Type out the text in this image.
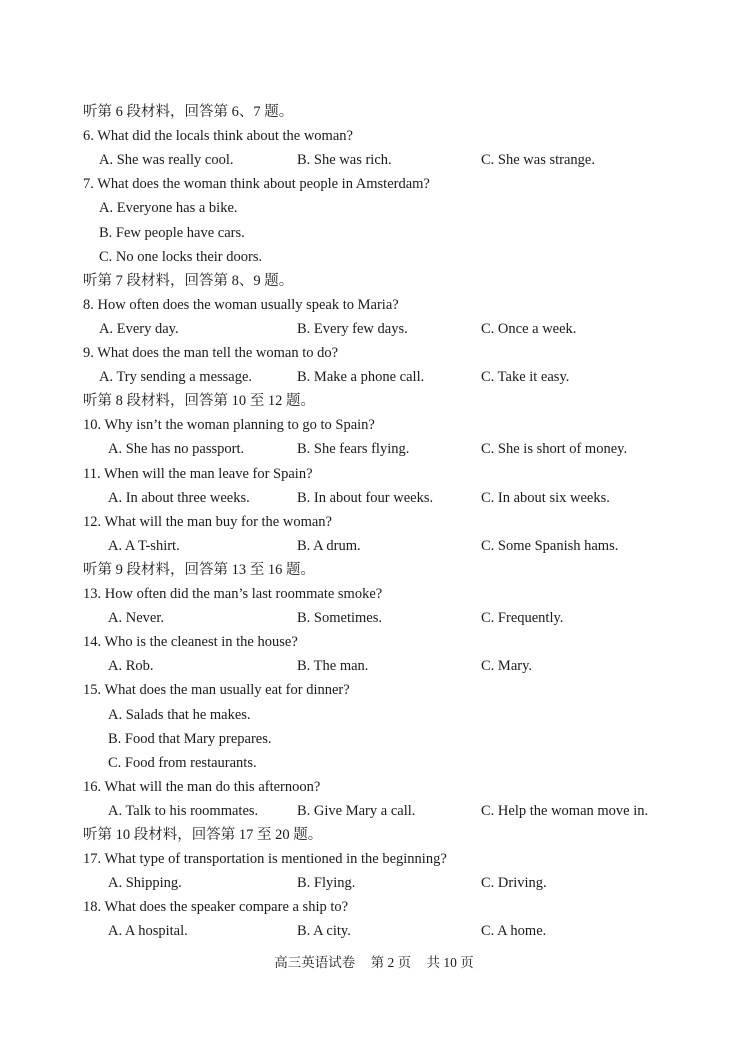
听第 6 段材料，回答第 6、7 题。
6. What did the locals think about the woman?
A. She was really cool.	B. She was rich.	C. She was strange.
7. What does the woman think about people in Amsterdam?
A. Everyone has a bike.
B. Few people have cars.
C. No one locks their doors.
听第 7 段材料，回答第 8、9 题。
8. How often does the woman usually speak to Maria?
A. Every day.	B. Every few days.	C. Once a week.
9. What does the man tell the woman to do?
A. Try sending a message.	B. Make a phone call.	C. Take it easy.
听第 8 段材料，回答第 10 至 12 题。
10. Why isn’t the woman planning to go to Spain?
A. She has no passport.	B. She fears flying.	C. She is short of money.
11. When will the man leave for Spain?
A. In about three weeks.	B. In about four weeks.	C. In about six weeks.
12. What will the man buy for the woman?
A. A T-shirt.	B. A drum.	C. Some Spanish hams.
听第 9 段材料，回答第 13 至 16 题。
13. How often did the man’s last roommate smoke?
A. Never.	B. Sometimes.	C. Frequently.
14. Who is the cleanest in the house?
A. Rob.	B. The man.	C. Mary.
15. What does the man usually eat for dinner?
A. Salads that he makes.
B. Food that Mary prepares.
C. Food from restaurants.
16. What will the man do this afternoon?
A. Talk to his roommates.	B. Give Mary a call.	C. Help the woman move in.
听第 10 段材料，回答第 17 至 20 题。
17. What type of transportation is mentioned in the beginning?
A. Shipping.	B. Flying.	C. Driving.
18. What does the speaker compare a ship to?
A. A hospital.	B. A city.	C. A home.
高三英语试卷 第 2 页 共 10 页
